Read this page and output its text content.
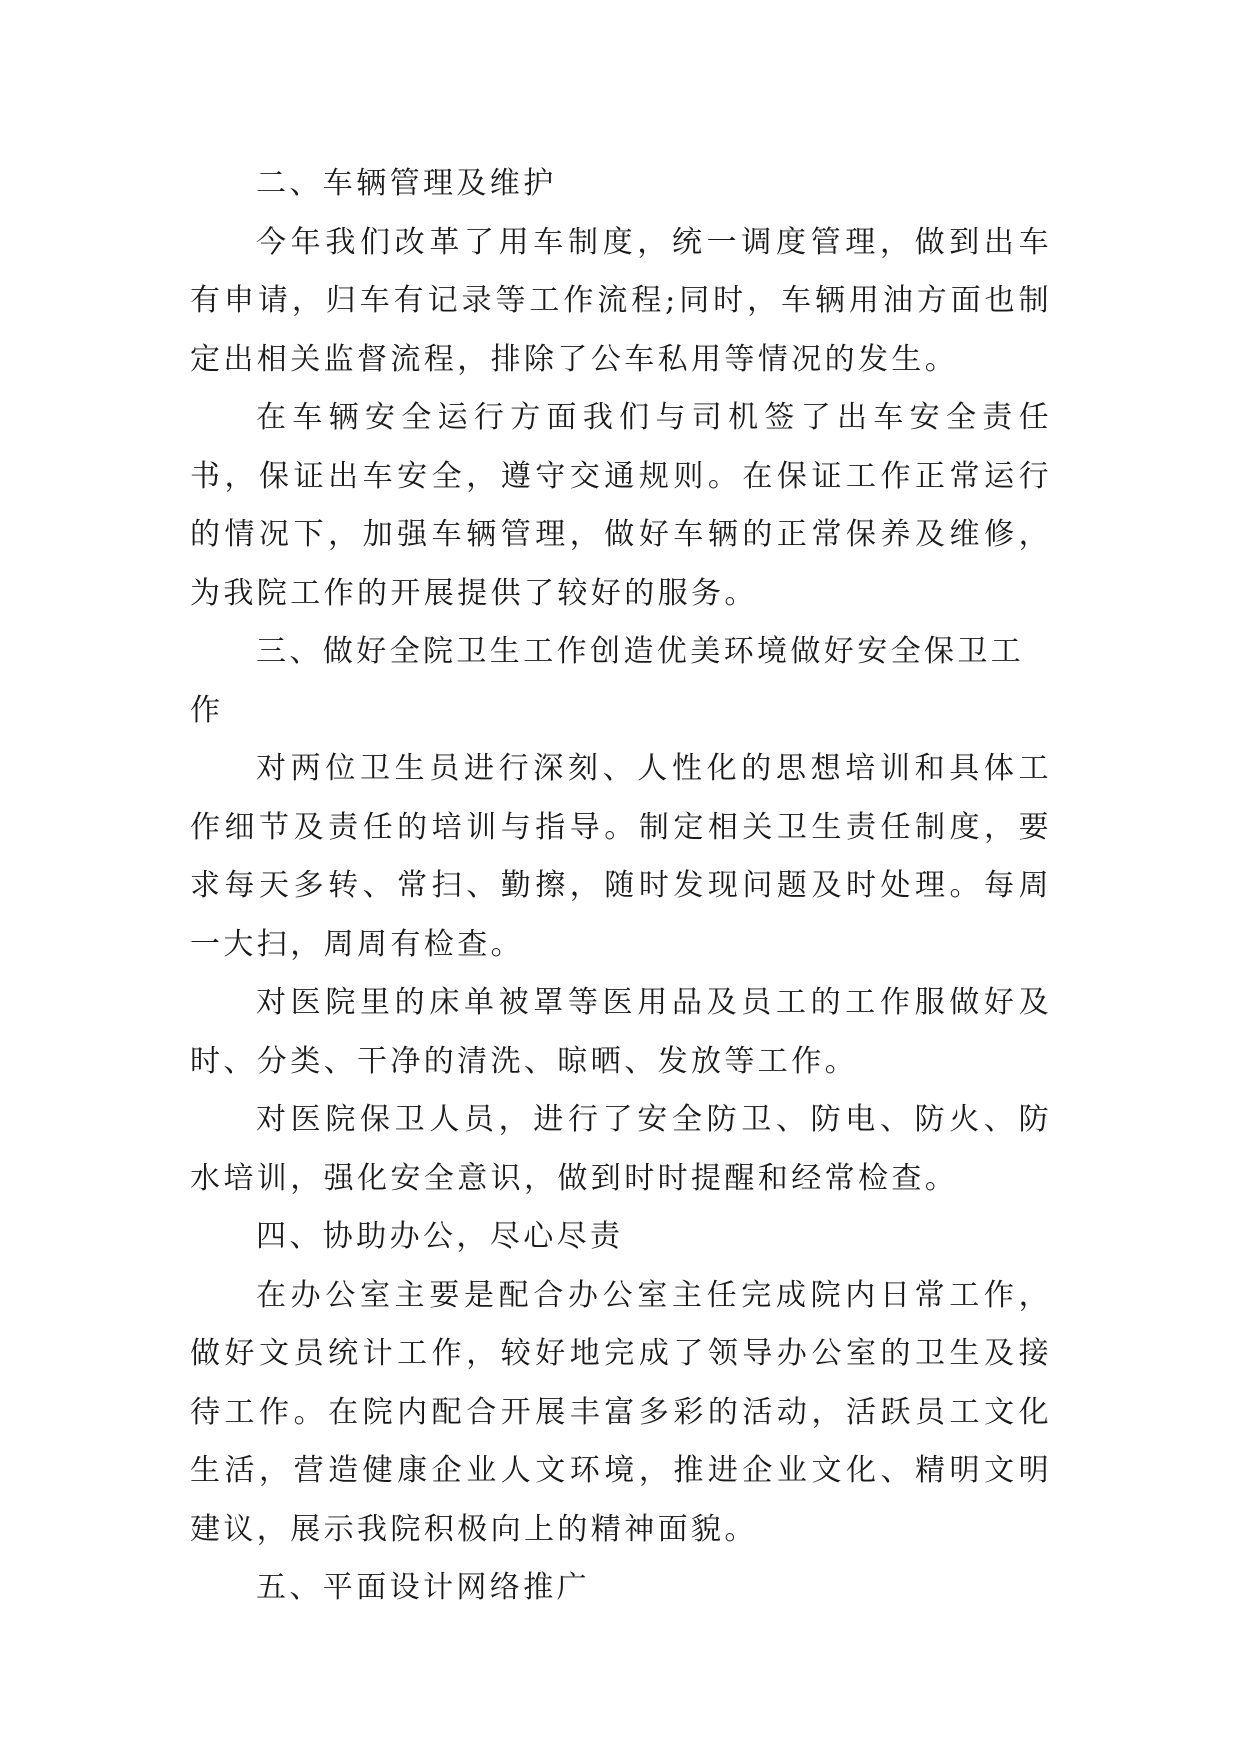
二、车辆管理及维护

今年我们改革了用车制度，统一调度管理，做到出车有申请，归车有记录等工作流程;同时，车辆用油方面也制定出相关监督流程，排除了公车私用等情况的发生。

在车辆安全运行方面我们与司机签了出车安全责任书，保证出车安全，遵守交通规则。在保证工作正常运行的情况下，加强车辆管理，做好车辆的正常保养及维修，为我院工作的开展提供了较好的服务。

三、做好全院卫生工作创造优美环境做好安全保卫工作

对两位卫生员进行深刻、人性化的思想培训和具体工作细节及责任的培训与指导。制定相关卫生责任制度，要求每天多转、常扫、勤擦，随时发现问题及时处理。每周一大扫，周周有检查。

对医院里的床单被罩等医用品及员工的工作服做好及时、分类、干净的清洗、晾晒、发放等工作。

对医院保卫人员，进行了安全防卫、防电、防火、防水培训，强化安全意识，做到时时提醒和经常检查。

四、协助办公，尽心尽责

在办公室主要是配合办公室主任完成院内日常工作，做好文员统计工作，较好地完成了领导办公室的卫生及接待工作。在院内配合开展丰富多彩的活动，活跃员工文化生活，营造健康企业人文环境，推进企业文化、精明文明建议，展示我院积极向上的精神面貌。

五、平面设计网络推广
